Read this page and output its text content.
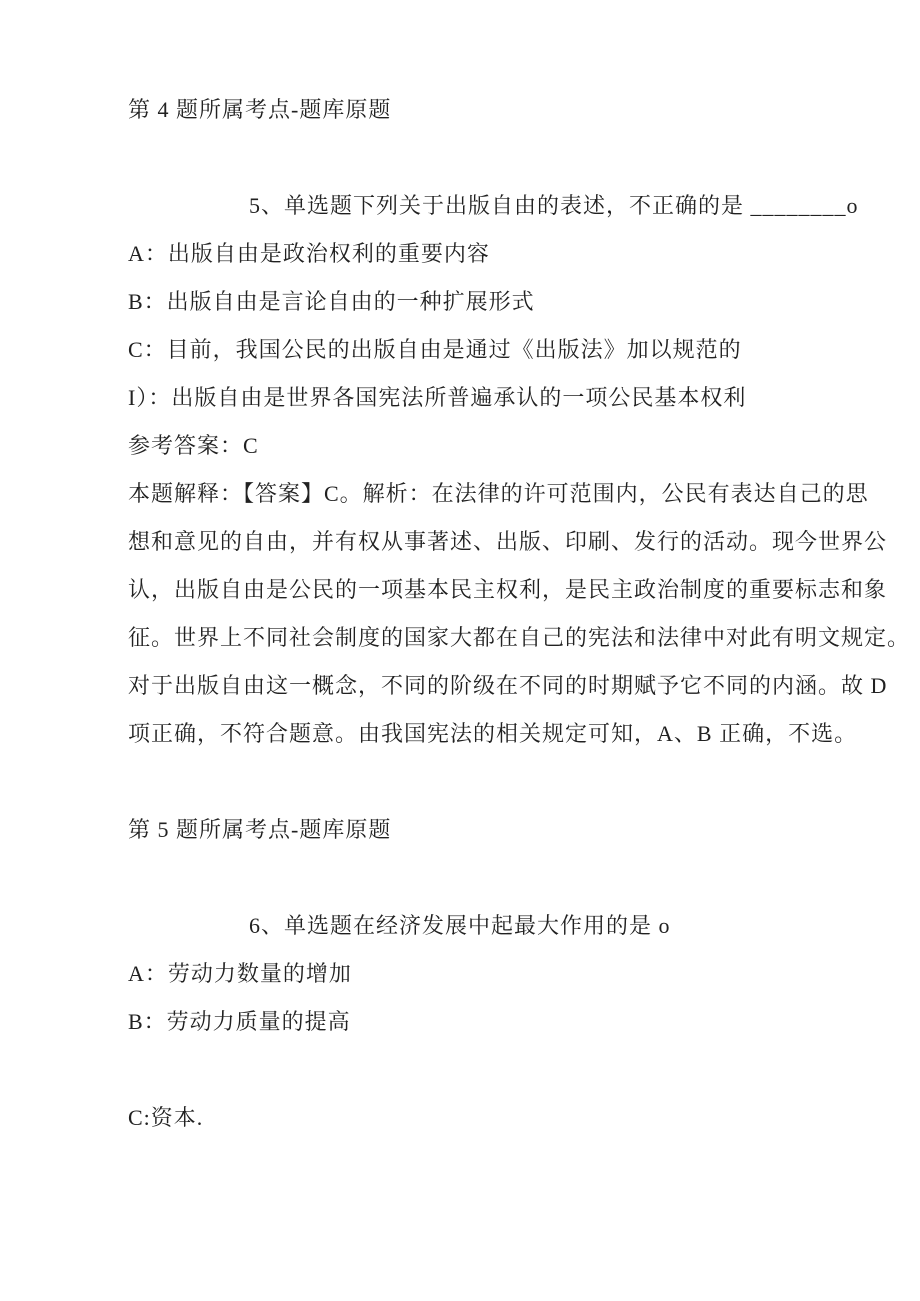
第 4 题所属考点-题库原题
5、单选题下列关于出版自由的表述，不正确的是 ________o
A：出版自由是政治权利的重要内容
B：出版自由是言论自由的一种扩展形式
C：目前，我国公民的出版自由是通过《出版法》加以规范的
I）：出版自由是世界各国宪法所普遍承认的一项公民基本权利
参考答案：C
本题解释：【答案】C。解析：在法律的许可范围内，公民有表达自己的思
想和意见的自由，并有权从事著述、出版、印刷、发行的活动。现今世界公
认，出版自由是公民的一项基本民主权利，是民主政治制度的重要标志和象
征。世界上不同社会制度的国家大都在自己的宪法和法律中对此有明文规定。
对于出版自由这一概念，不同的阶级在不同的时期赋予它不同的内涵。故 D
项正确，不符合题意。由我国宪法的相关规定可知，A、B 正确，不选。
第 5 题所属考点-题库原题
6、单选题在经济发展中起最大作用的是 o
A：劳动力数量的增加
B：劳动力质量的提高
C:资本.
